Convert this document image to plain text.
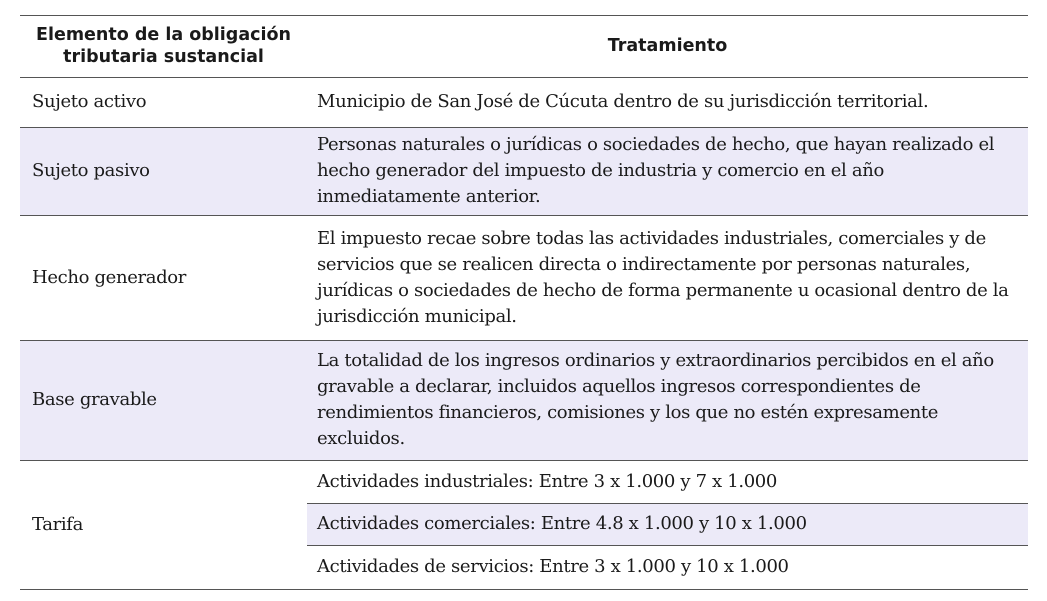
Elemento de la obligación tributaria sustancial
Tratamiento
Sujeto activo	Municipio de San José de Cúcuta dentro de su jurisdicción territorial.
Sujeto pasivo
Personas naturales o jurídicas o sociedades de hecho, que hayan realizado el hecho generador del impuesto de industria y comercio en el año inmediatamente anterior.
Hecho generador
El impuesto recae sobre todas las actividades industriales, comerciales y de servicios que se realicen directa o indirectamente por personas naturales, jurídicas o sociedades de hecho de forma permanente u ocasional dentro de la jurisdicción municipal.
Base gravable
La totalidad de los ingresos ordinarios y extraordinarios percibidos en el año gravable a declarar, incluidos aquellos ingresos correspondientes de rendimientos financieros, comisiones y los que no estén expresamente excluidos.
Tarifa
Actividades industriales: Entre 3 x 1.000 y 7 x 1.000
Actividades comerciales: Entre 4.8 x 1.000 y 10 x 1.000
Actividades de servicios: Entre 3 x 1.000 y 10 x 1.000
